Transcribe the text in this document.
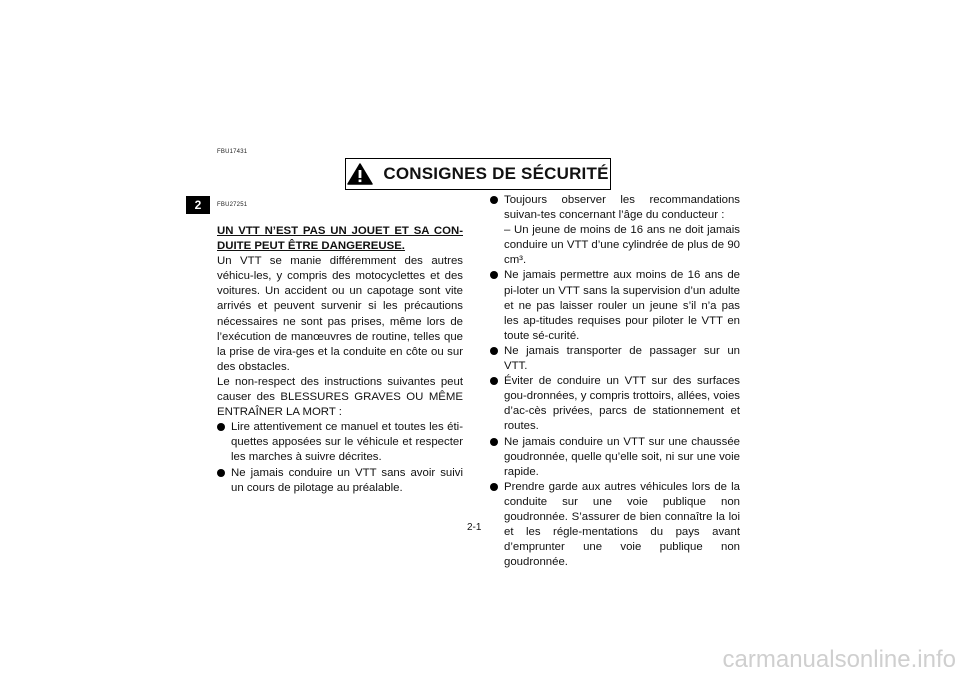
FBU17431
FBU27251
2
CONSIGNES DE SÉCURITÉ
UN VTT N’EST PAS UN JOUET ET SA CON-DUITE PEUT ÊTRE DANGEREUSE.

Un VTT se manie différemment des autres véhicu-les, y compris des motocyclettes et des voitures. Un accident ou un capotage sont vite arrivés et peuvent survenir si les précautions nécessaires ne sont pas prises, même lors de l’exécution de manœuvres de routine, telles que la prise de vira-ges et la conduite en côte ou sur des obstacles.

Le non-respect des instructions suivantes peut causer des BLESSURES GRAVES OU MÊME ENTRAÎNER LA MORT :

Lire attentivement ce manuel et toutes les éti-quettes apposées sur le véhicule et respecter les marches à suivre décrites.
Ne jamais conduire un VTT sans avoir suivi un cours de pilotage au préalable.
Toujours observer les recommandations suivan-tes concernant l’âge du conducteur :
– Un jeune de moins de 16 ans ne doit jamais conduire un VTT d’une cylindrée de plus de 90 cm³.
Ne jamais permettre aux moins de 16 ans de pi-loter un VTT sans la supervision d’un adulte et ne pas laisser rouler un jeune s’il n’a pas les ap-titudes requises pour piloter le VTT en toute sé-curité.
Ne jamais transporter de passager sur un VTT.
Éviter de conduire un VTT sur des surfaces gou-dronnées, y compris trottoirs, allées, voies d’ac-cès privées, parcs de stationnement et routes.
Ne jamais conduire un VTT sur une chaussée goudronnée, quelle qu’elle soit, ni sur une voie rapide.
Prendre garde aux autres véhicules lors de la conduite sur une voie publique non goudronnée. S’assurer de bien connaître la loi et les régle-mentations du pays avant d’emprunter une voie publique non goudronnée.
2-1
carmanualsonline.info
